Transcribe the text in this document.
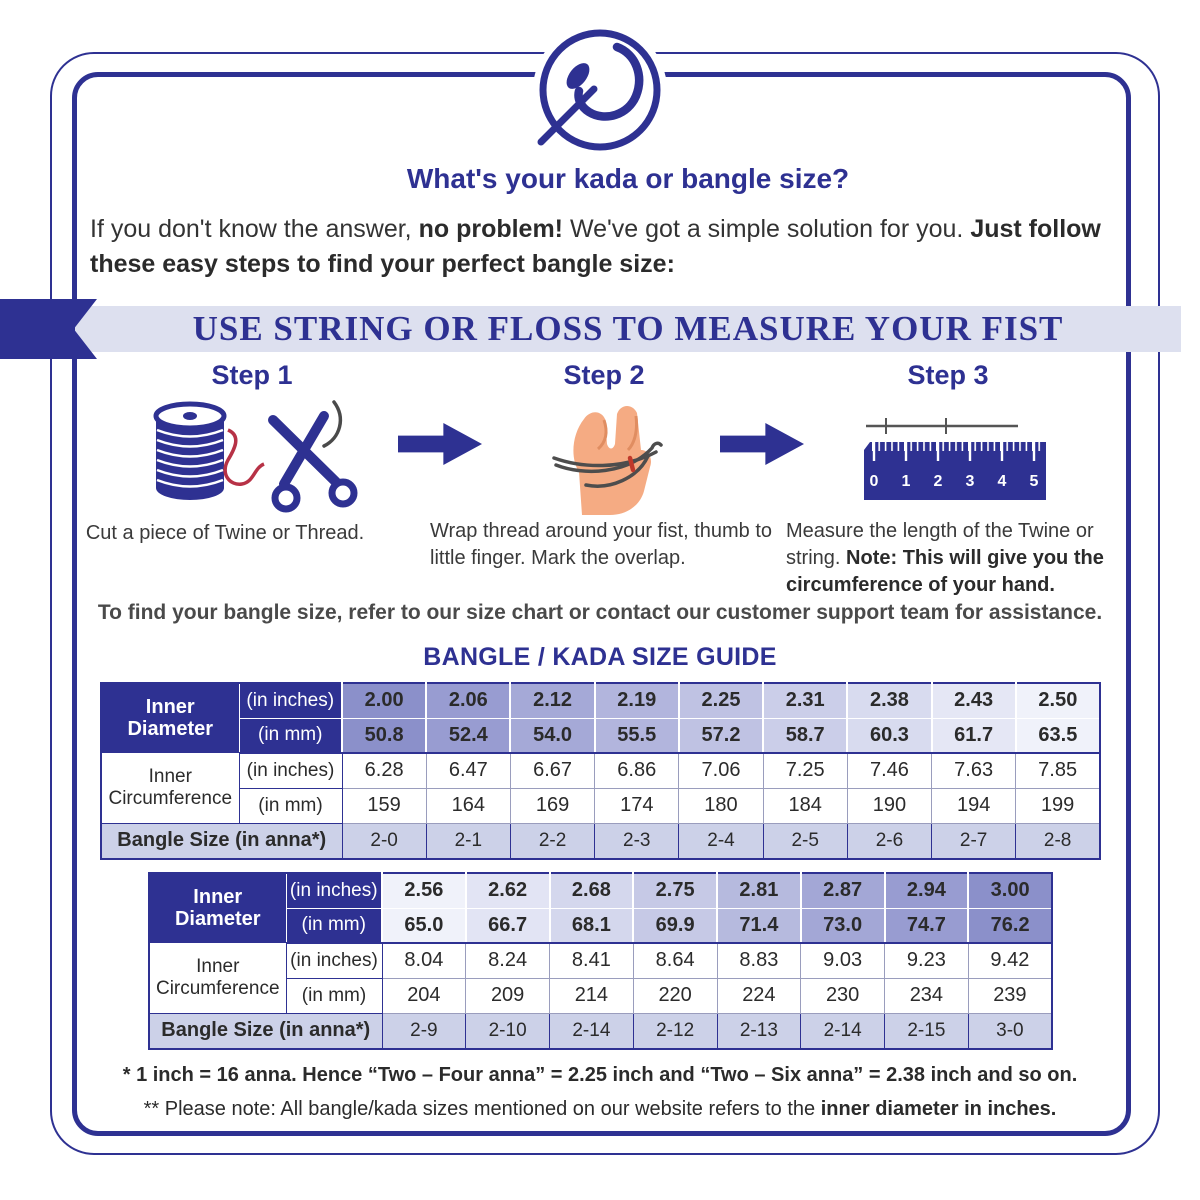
What's your kada or bangle size?
If you don't know the answer, no problem! We've got a simple solution for you. Just follow
these easy steps to find your perfect bangle size:
USE STRING OR FLOSS TO MEASURE YOUR FIST
Step 1	Step 2	Step 3
0 1 2 3 4 5
Cut a piece of Twine or Thread.	Wrap thread around your fist, thumb to little finger. Mark the overlap.
Measure the length of the Twine or string. Note: This will give you the circumference of your hand.
To find your bangle size, refer to our size chart or contact our customer support team for assistance.
BANGLE / KADA SIZE GUIDE
Inner Diameter	(in inches)	2.00	2.06	2.12	2.19	2.25	2.31	2.38	2.43	2.50
	(in mm)	50.8	52.4	54.0	55.5	57.2	58.7	60.3	61.7	63.5
Inner Circumference	(in inches)	6.28	6.47	6.67	6.86	7.06	7.25	7.46	7.63	7.85
	(in mm)	159	164	169	174	180	184	190	194	199
Bangle Size (in anna*)		2-0	2-1	2-2	2-3	2-4	2-5	2-6	2-7	2-8
Inner Diameter	(in inches)	2.56	2.62	2.68	2.75	2.81	2.87	2.94	3.00
	(in mm)	65.0	66.7	68.1	69.9	71.4	73.0	74.7	76.2
Inner Circumference	(in inches)	8.04	8.24	8.41	8.64	8.83	9.03	9.23	9.42
	(in mm)	204	209	214	220	224	230	234	239
Bangle Size (in anna*)		2-9	2-10	2-14	2-12	2-13	2-14	2-15	3-0
* 1 inch = 16 anna. Hence “Two – Four anna” = 2.25 inch and “Two – Six anna” = 2.38 inch and so on.
** Please note: All bangle/kada sizes mentioned on our website refers to the inner diameter in inches.
